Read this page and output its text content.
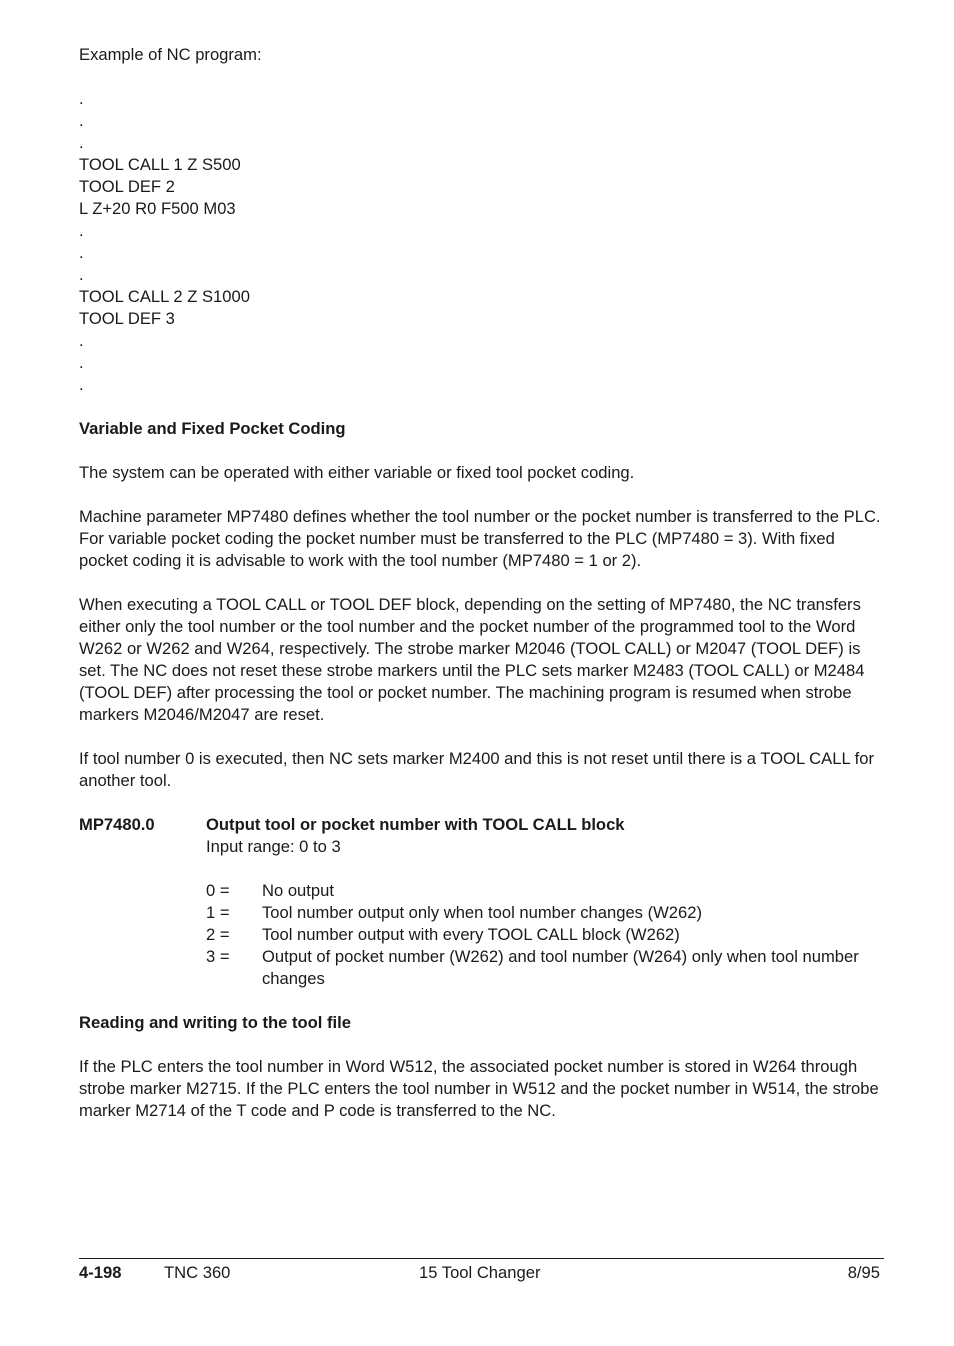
Example of NC program:

.

.

.

TOOL CALL 1 Z S500

TOOL DEF 2

L Z+20 R0 F500 M03

.

.

.

TOOL CALL 2 Z S1000

TOOL DEF 3

.

.

.

Variable and Fixed Pocket Coding

The system can be operated with either variable or fixed tool pocket coding.

Machine parameter MP7480 defines whether the tool number or the pocket number is transferred to the PLC. For variable pocket coding the pocket number must be transferred to the PLC (MP7480 = 3). With fixed pocket coding it is advisable to work with the tool number (MP7480 = 1 or 2).

When executing a TOOL CALL or TOOL DEF block, depending on the setting of MP7480, the NC transfers either only the tool number or the tool number and the pocket number of the programmed tool to the Word W262 or W262 and W264, respectively. The strobe marker M2046 (TOOL CALL) or M2047 (TOOL DEF) is set. The NC does not reset these strobe markers until the PLC sets marker M2483 (TOOL CALL) or M2484 (TOOL DEF) after processing the tool or pocket number. The machining program is resumed when strobe markers M2046/M2047 are reset.

If tool number 0 is executed, then NC sets marker M2400 and this is not reset until there is a TOOL CALL for another tool.

MP7480.0	Output tool or pocket number with TOOL CALL block

Input range: 0 to 3

0 =	No output
1 =	Tool number output only when tool number changes (W262)
2 =	Tool number output with every TOOL CALL block (W262)
3 =	Output of pocket number (W262) and tool number (W264) only when tool number changes

Reading and writing to the tool file

If the PLC enters the tool number in Word W512, the associated pocket number is stored in W264 through strobe marker M2715. If the PLC enters the tool number in W512 and the pocket number in W514, the strobe marker M2714 of the T code and P code is transferred to the NC.

4-198	TNC 360	15 Tool Changer	8/95
